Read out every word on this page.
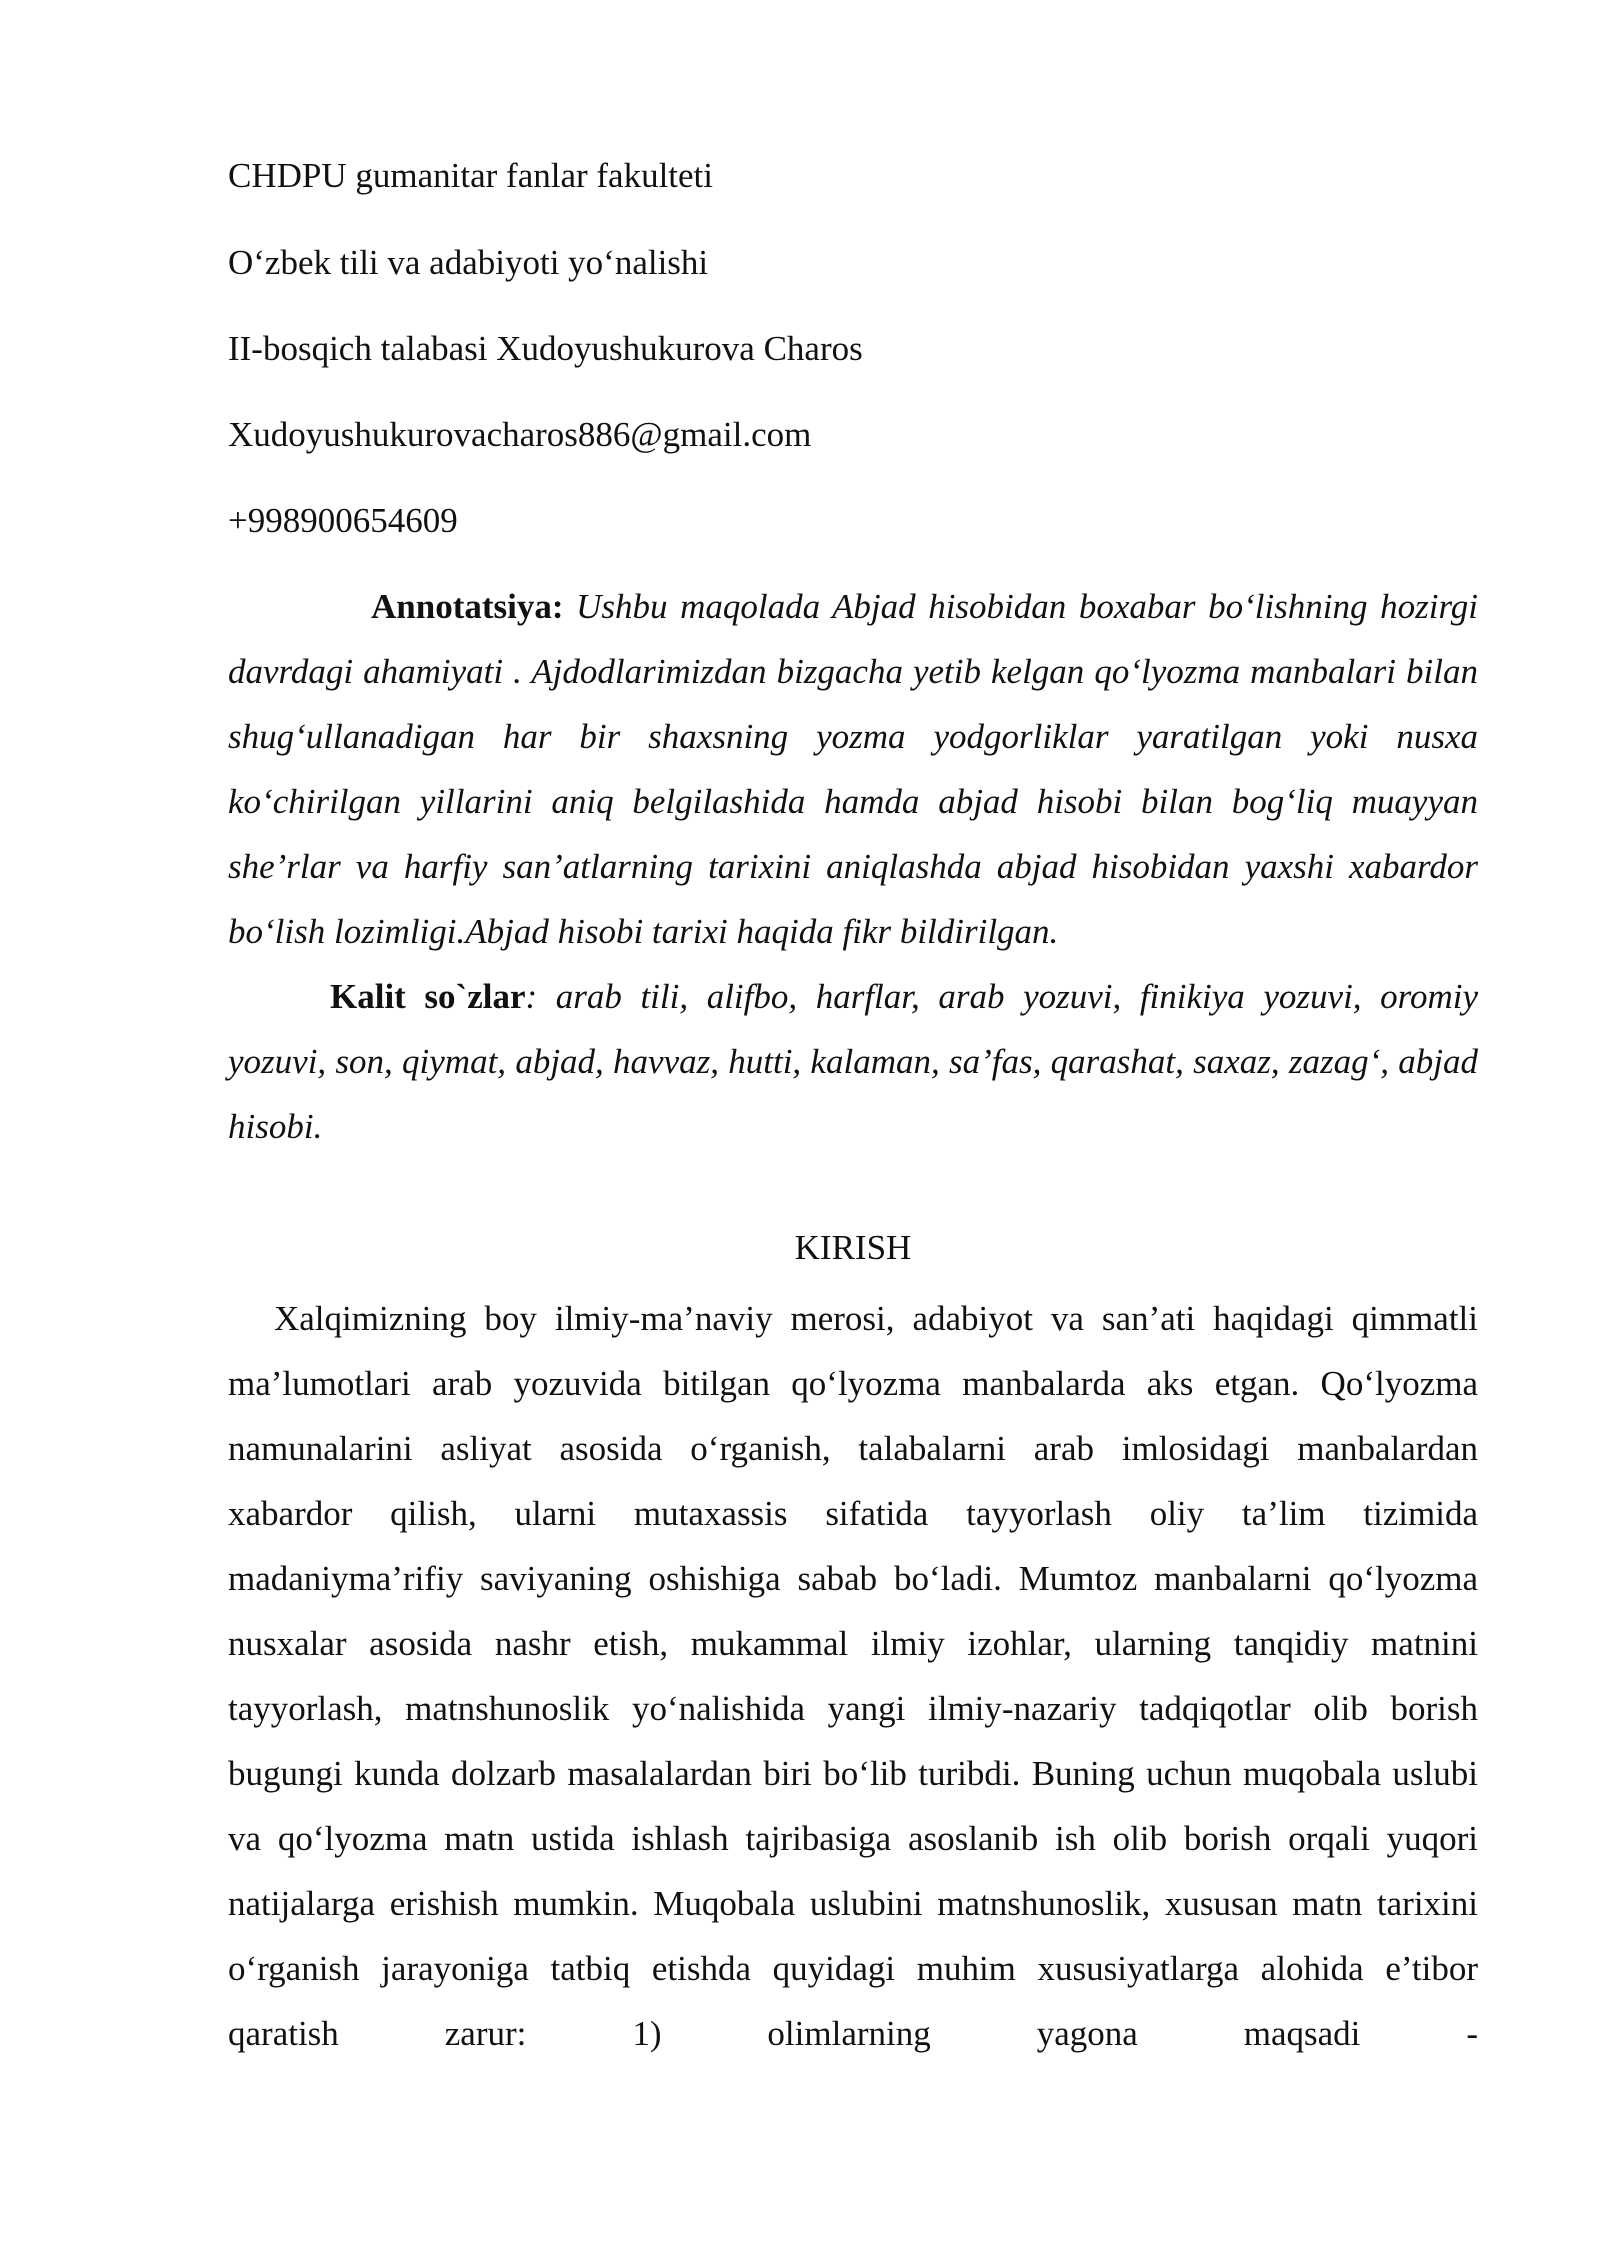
CHDPU gumanitar fanlar fakulteti
O‘zbek tili va adabiyoti yo‘nalishi
II-bosqich talabasi Xudoyushukurova Charos
Xudoyushukurovacharos886@gmail.com
+998900654609

Annotatsiya: Ushbu maqolada Abjad hisobidan boxabar bo‘lishning hozirgi davrdagi ahamiyati . Ajdodlarimizdan bizgacha yetib kelgan qo‘lyozma manbalari bilan shug‘ullanadigan har bir shaxsning yozma yodgorliklar yaratilgan yoki nusxa ko‘chirilgan yillarini aniq belgilashida hamda abjad hisobi bilan bog‘liq muayyan she’rlar va harfiy san’atlarning tarixini aniqlashda abjad hisobidan yaxshi xabardor bo‘lish lozimligi.Abjad hisobi tarixi haqida fikr bildirilgan.

Kalit so`zlar: arab tili, alifbo, harflar, arab yozuvi, finikiya yozuvi, oromiy yozuvi, son, qiymat, abjad, havvaz, hutti, kalaman, sa’fas, qarashat, saxaz, zazag‘, abjad hisobi.

KIRISH

Xalqimizning boy ilmiy-ma’naviy merosi, adabiyot va san’ati haqidagi qimmatli ma’lumotlari arab yozuvida bitilgan qo‘lyozma manbalarda aks etgan. Qo‘lyozma namunalarini asliyat asosida o‘rganish, talabalarni arab imlosidagi manbalardan xabardor qilish, ularni mutaxassis sifatida tayyorlash oliy ta’lim tizimida madaniyma’rifiy saviyaning oshishiga sabab bo‘ladi. Mumtoz manbalarni qo‘lyozma nusxalar asosida nashr etish, mukammal ilmiy izohlar, ularning tanqidiy matnini tayyorlash, matnshunoslik yo‘nalishida yangi ilmiy-nazariy tadqiqotlar olib borish bugungi kunda dolzarb masalalardan biri bo‘lib turibdi. Buning uchun muqobala uslubi va qo‘lyozma matn ustida ishlash tajribasiga asoslanib ish olib borish orqali yuqori natijalarga erishish mumkin. Muqobala uslubini matnshunoslik, xususan matn tarixini o‘rganish jarayoniga tatbiq etishda quyidagi muhim xususiyatlarga alohida e’tibor qaratish zarur: 1) olimlarning yagona maqsadi -
